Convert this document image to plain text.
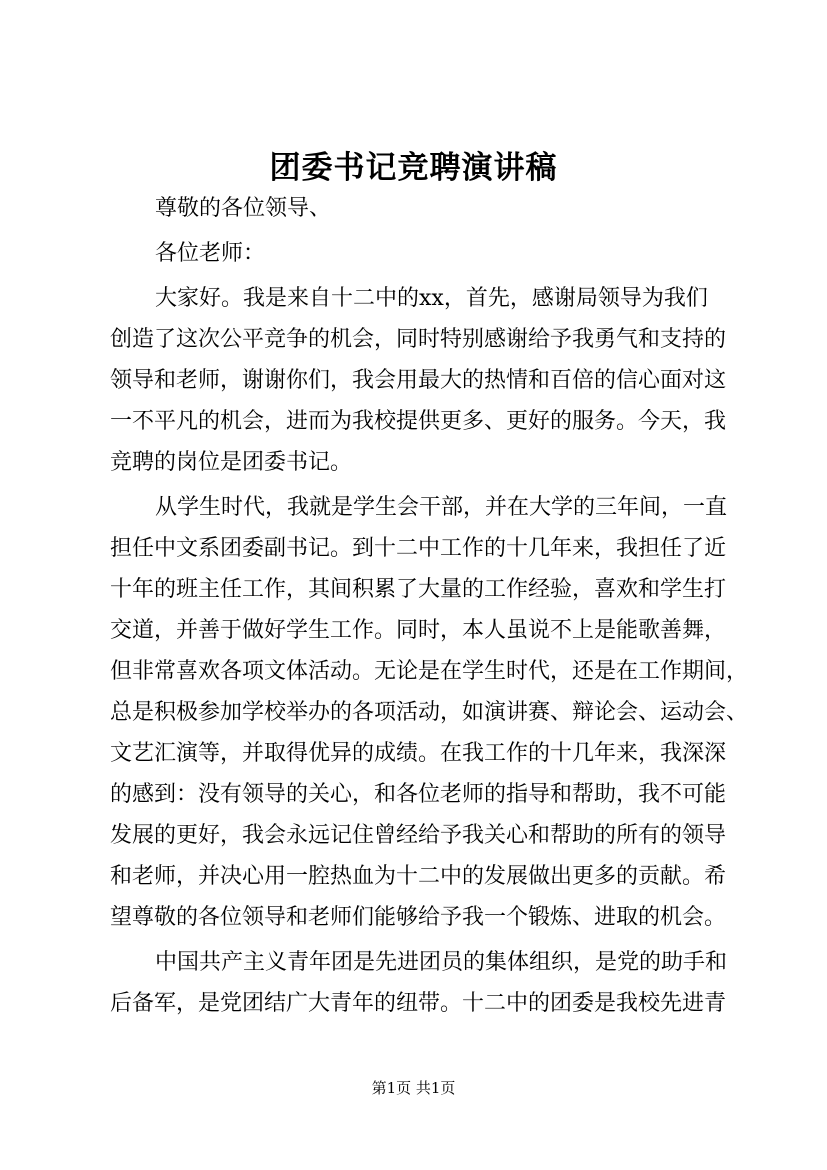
团委书记竞聘演讲稿
尊敬的各位领导、
各位老师：
大家好。我是来自十二中的xx，首先，感谢局领导为我们
创造了这次公平竞争的机会，同时特别感谢给予我勇气和支持的
领导和老师，谢谢你们，我会用最大的热情和百倍的信心面对这
一不平凡的机会，进而为我校提供更多、更好的服务。今天，我
竞聘的岗位是团委书记。
从学生时代，我就是学生会干部，并在大学的三年间，一直
担任中文系团委副书记。到十二中工作的十几年来，我担任了近
十年的班主任工作，其间积累了大量的工作经验，喜欢和学生打
交道，并善于做好学生工作。同时，本人虽说不上是能歌善舞，
但非常喜欢各项文体活动。无论是在学生时代，还是在工作期间，
总是积极参加学校举办的各项活动，如演讲赛、辩论会、运动会、
文艺汇演等，并取得优异的成绩。在我工作的十几年来，我深深
的感到：没有领导的关心，和各位老师的指导和帮助，我不可能
发展的更好，我会永远记住曾经给予我关心和帮助的所有的领导
和老师，并决心用一腔热血为十二中的发展做出更多的贡献。希
望尊敬的各位领导和老师们能够给予我一个锻炼、进取的机会。
中国共产主义青年团是先进团员的集体组织，是党的助手和
后备军，是党团结广大青年的纽带。十二中的团委是我校先进青
第1页 共1页
